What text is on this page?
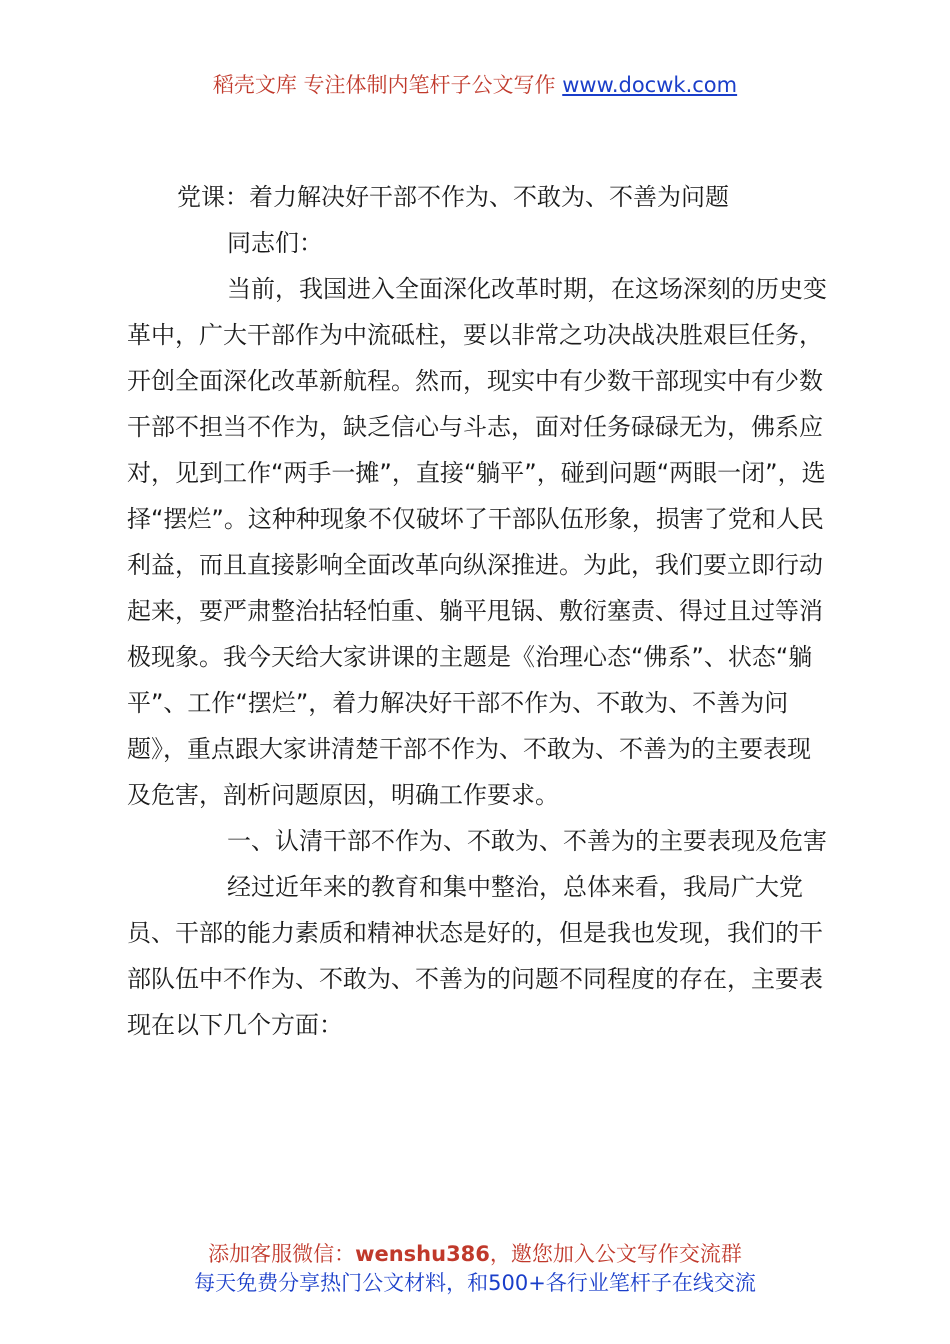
稻壳文库 专注体制内笔杆子公文写作 www.docwk.com

党课：着力解决好干部不作为、不敢为、不善为问题

同志们：

当前，我国进入全面深化改革时期，在这场深刻的历史变革中，广大干部作为中流砥柱，要以非常之功决战决胜艰巨任务，开创全面深化改革新航程。然而，现实中有少数干部现实中有少数干部不担当不作为，缺乏信心与斗志，面对任务碌碌无为，佛系应对，见到工作“两手一摊”，直接“躺平”，碰到问题“两眼一闭”，选择“摆烂”。这种种现象不仅破坏了干部队伍形象，损害了党和人民利益，而且直接影响全面改革向纵深推进。为此，我们要立即行动起来，要严肃整治拈轻怕重、躺平甩锅、敷衍塞责、得过且过等消极现象。我今天给大家讲课的主题是《治理心态“佛系”、状态“躺平”、工作“摆烂”，着力解决好干部不作为、不敢为、不善为问题》，重点跟大家讲清楚干部不作为、不敢为、不善为的主要表现及危害，剖析问题原因，明确工作要求。

一、认清干部不作为、不敢为、不善为的主要表现及危害

经过近年来的教育和集中整治，总体来看，我局广大党员、干部的能力素质和精神状态是好的，但是我也发现，我们的干部队伍中不作为、不敢为、不善为的问题不同程度的存在，主要表现在以下几个方面：

添加客服微信：wenshu386，邀您加入公文写作交流群
每天免费分享热门公文材料，和500+各行业笔杆子在线交流
